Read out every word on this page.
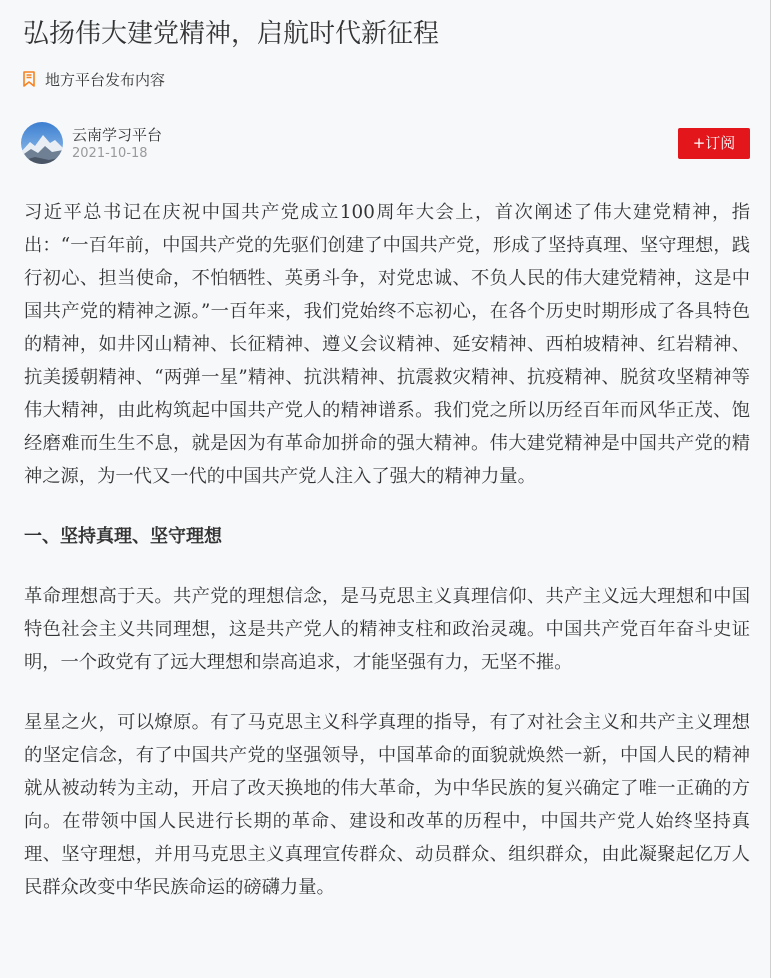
弘扬伟大建党精神，启航时代新征程
地方平台发布内容
云南学习平台
2021-10-18
+订阅

习近平总书记在庆祝中国共产党成立100周年大会上，首次阐述了伟大建党精神，指出：“一百年前，中国共产党的先驱们创建了中国共产党，形成了坚持真理、坚守理想，践行初心、担当使命，不怕牺牲、英勇斗争，对党忠诚、不负人民的伟大建党精神，这是中国共产党的精神之源。”一百年来，我们党始终不忘初心，在各个历史时期形成了各具特色的精神，如井冈山精神、长征精神、遵义会议精神、延安精神、西柏坡精神、红岩精神、抗美援朝精神、“两弹一星”精神、抗洪精神、抗震救灾精神、抗疫精神、脱贫攻坚精神等伟大精神，由此构筑起中国共产党人的精神谱系。我们党之所以历经百年而风华正茂、饱经磨难而生生不息，就是因为有革命加拼命的强大精神。伟大建党精神是中国共产党的精神之源，为一代又一代的中国共产党人注入了强大的精神力量。

一、坚持真理、坚守理想

革命理想高于天。共产党的理想信念，是马克思主义真理信仰、共产主义远大理想和中国特色社会主义共同理想，这是共产党人的精神支柱和政治灵魂。中国共产党百年奋斗史证明，一个政党有了远大理想和崇高追求，才能坚强有力，无坚不摧。

星星之火，可以燎原。有了马克思主义科学真理的指导，有了对社会主义和共产主义理想的坚定信念，有了中国共产党的坚强领导，中国革命的面貌就焕然一新，中国人民的精神就从被动转为主动，开启了改天换地的伟大革命，为中华民族的复兴确定了唯一正确的方向。在带领中国人民进行长期的革命、建设和改革的历程中，中国共产党人始终坚持真理、坚守理想，并用马克思主义真理宣传群众、动员群众、组织群众，由此凝聚起亿万人民群众改变中华民族命运的磅礴力量。
